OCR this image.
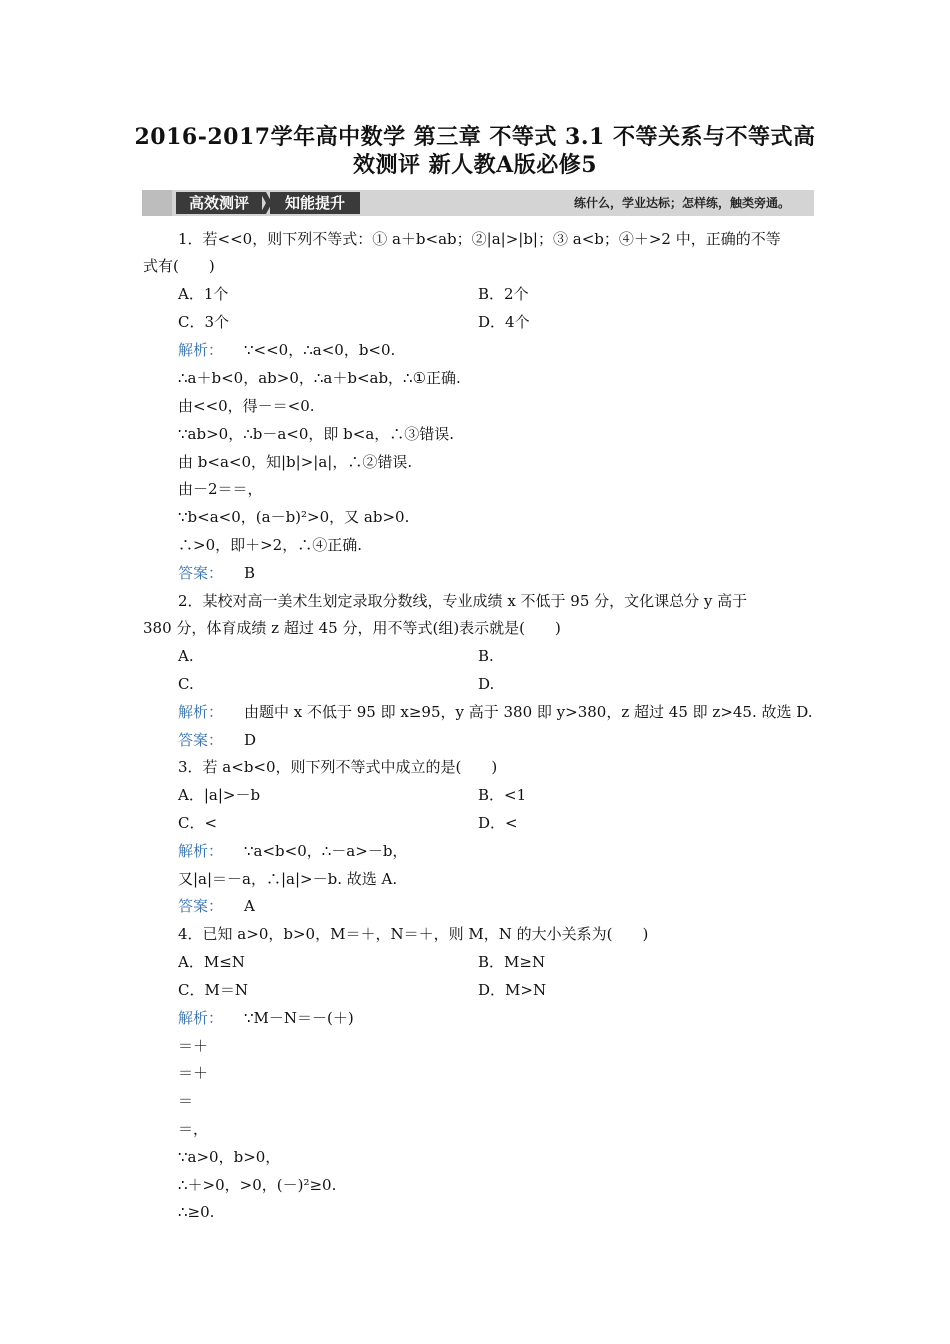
2016-2017学年高中数学 第三章 不等式 3.1 不等关系与不等式高
效测评 新人教A版必修5
高效测评	知能提升	练什么，学业达标；怎样练，触类旁通。
1．若<<0，则下列不等式：① a＋b<ab；②|a|>|b|；③ a<b；④＋>2 中，正确的不等
式有(　　)
A．1个	B．2个
C．3个	D．4个
解析： ∵<<0，∴a<0，b<0.
∴a＋b<0，ab>0，∴a＋b<ab，∴①正确.
由<<0，得－＝<0.
∵ab>0，∴b－a<0，即 b<a，∴③错误.
由 b<a<0，知|b|>|a|，∴②错误.
由－2＝＝，
∵b<a<0，(a－b)²>0，又 ab>0.
∴>0，即＋>2，∴④正确.
答案： B
2．某校对高一美术生划定录取分数线，专业成绩 x 不低于 95 分，文化课总分 y 高于
380 分，体育成绩 z 超过 45 分，用不等式(组)表示就是(　　)
A.	B.
C.	D.
解析： 由题中 x 不低于 95 即 x≥95，y 高于 380 即 y>380，z 超过 45 即 z>45. 故选 D.
答案： D
3．若 a<b<0，则下列不等式中成立的是(　　)
A．|a|>－b	B．<1
C．<	D．<
解析： ∵a<b<0，∴－a>－b，
又|a|＝－a，∴|a|>－b. 故选 A.
答案： A
4．已知 a>0，b>0，M＝＋，N＝＋，则 M，N 的大小关系为(　　)
A．M≤N	B．M≥N
C．M＝N	D．M>N
解析： ∵M－N＝－(＋)
＝＋
＝＋
＝
＝，
∵a>0，b>0，
∴＋>0，>0，(－)²≥0.
∴≥0.
